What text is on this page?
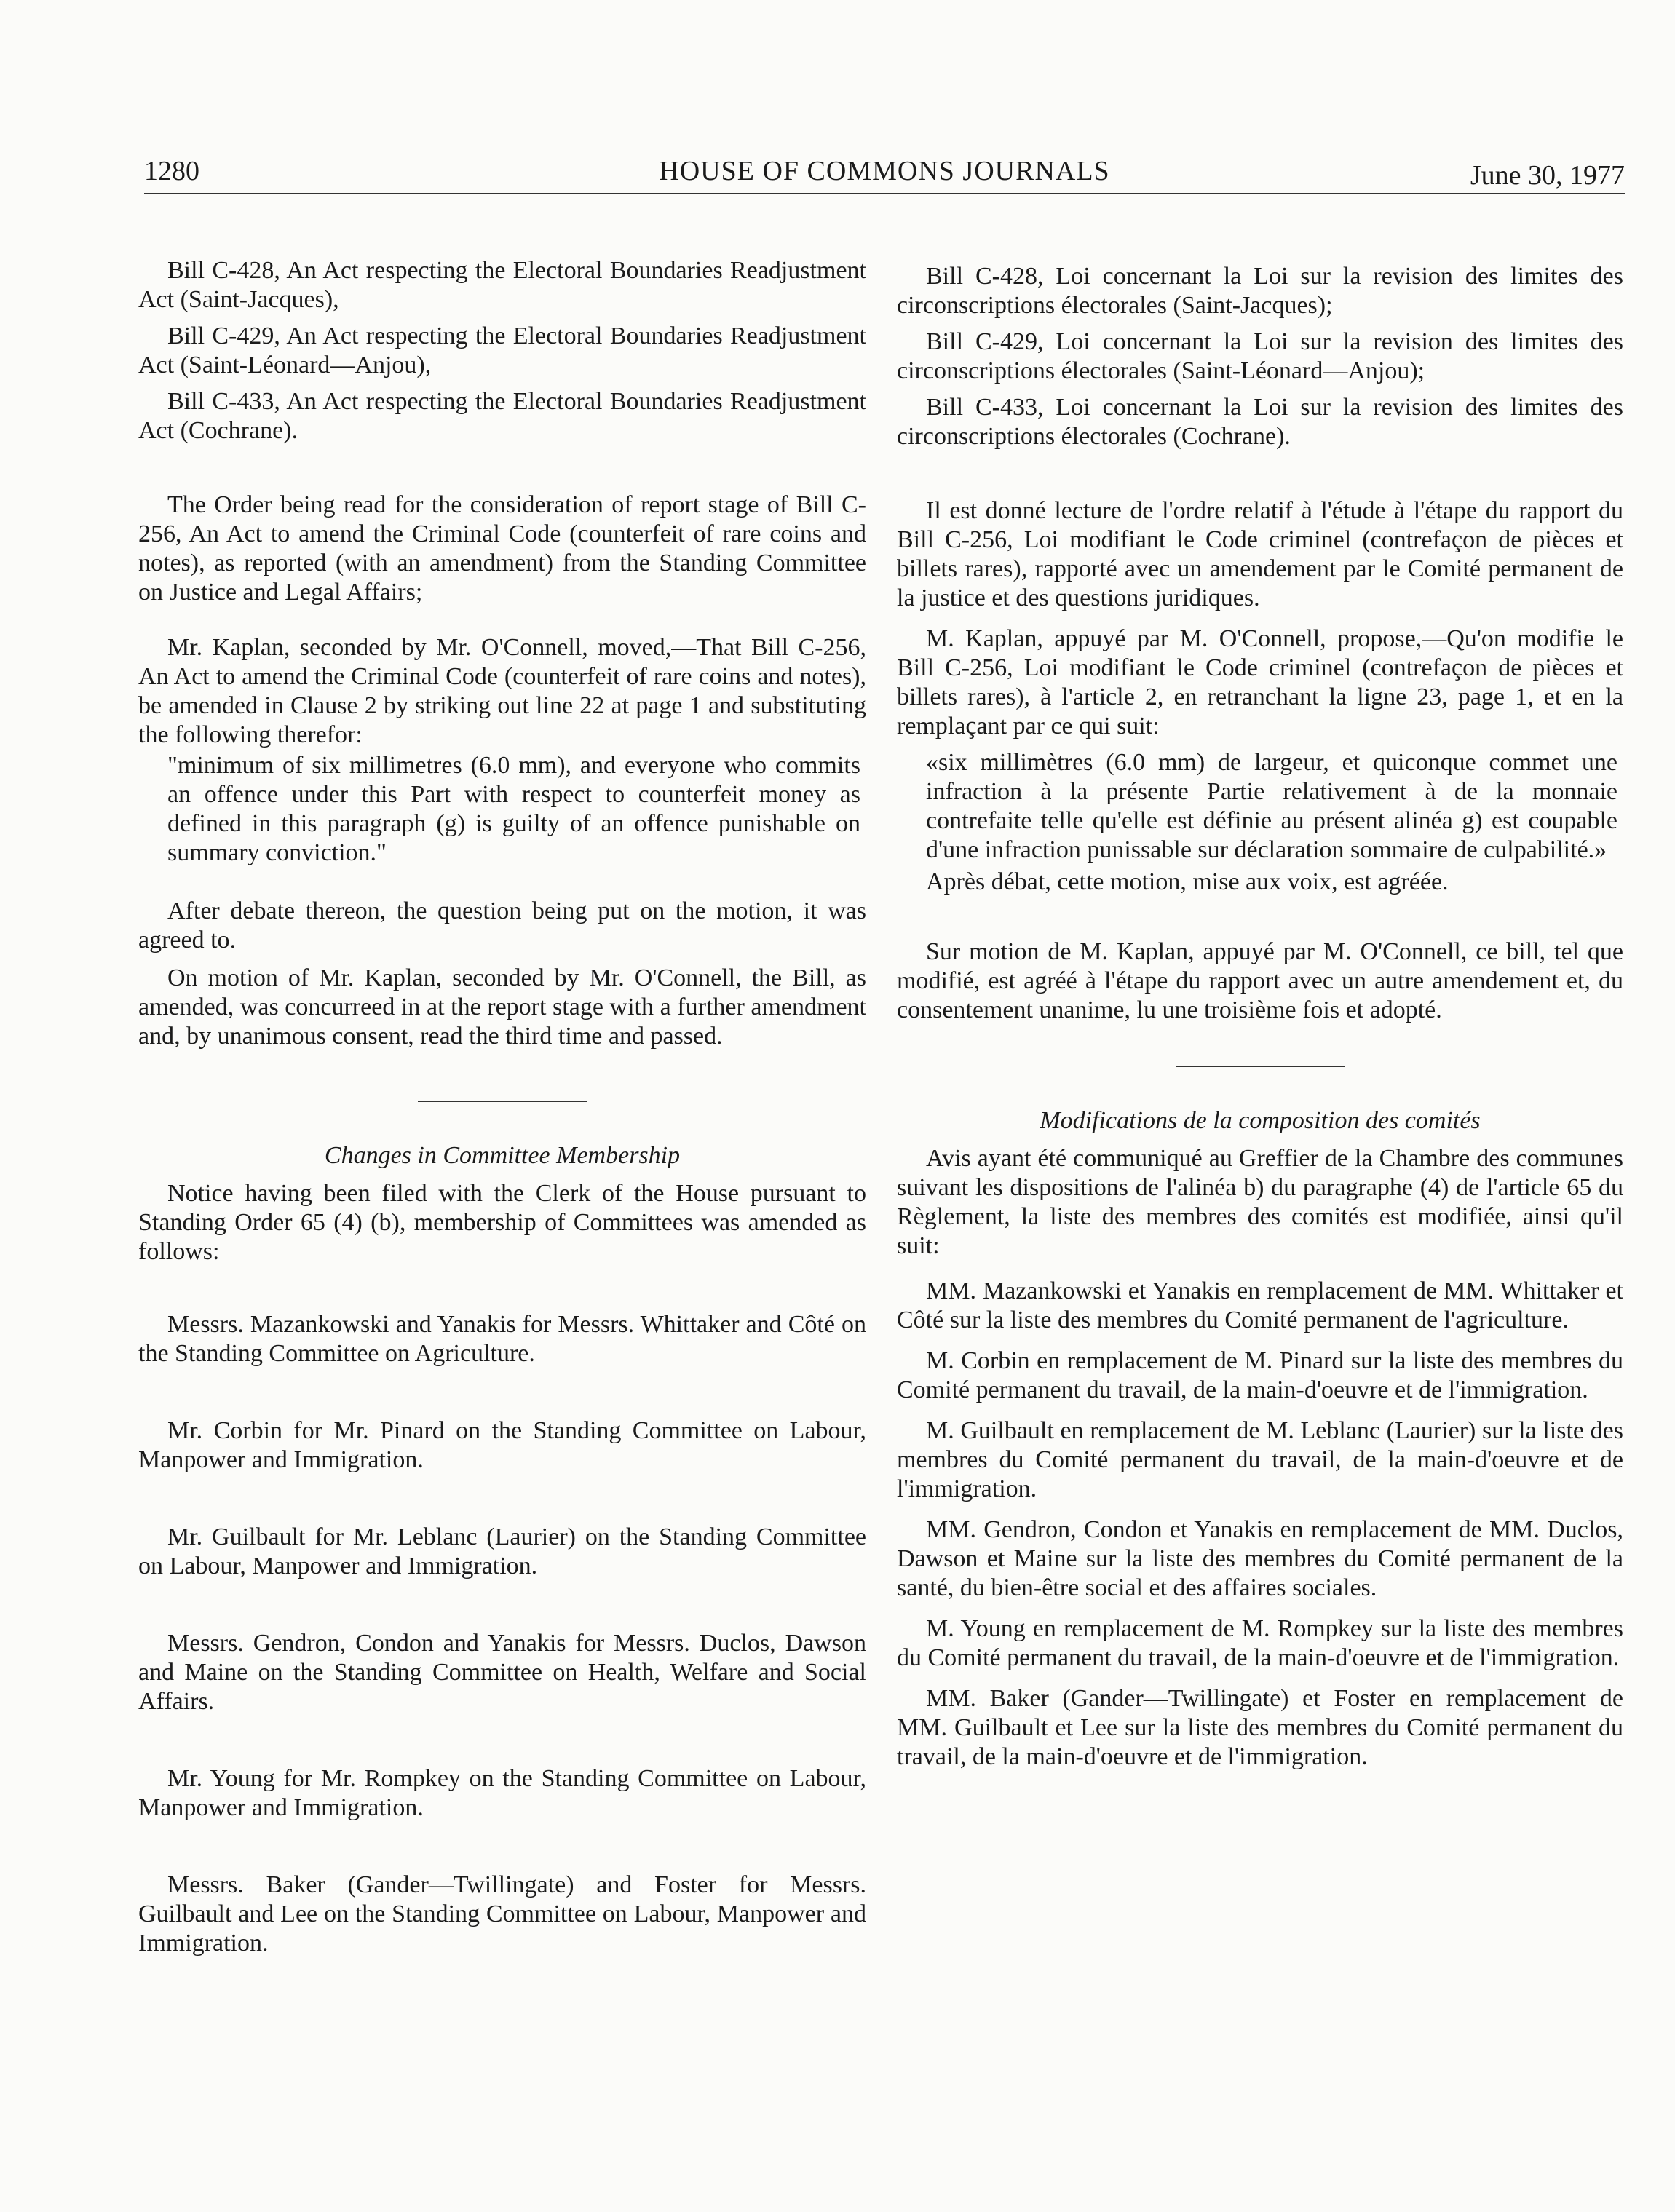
1280	HOUSE OF COMMONS JOURNALS	June 30, 1977

Bill C-428, An Act respecting the Electoral Boundaries Readjustment Act (Saint-Jacques),

Bill C-429, An Act respecting the Electoral Boundaries Readjustment Act (Saint-Léonard—Anjou),

Bill C-433, An Act respecting the Electoral Boundaries Readjustment Act (Cochrane).

The Order being read for the consideration of report stage of Bill C-256, An Act to amend the Criminal Code (counterfeit of rare coins and notes), as reported (with an amendment) from the Standing Committee on Justice and Legal Affairs;

Mr. Kaplan, seconded by Mr. O'Connell, moved,—That Bill C-256, An Act to amend the Criminal Code (counterfeit of rare coins and notes), be amended in Clause 2 by striking out line 22 at page 1 and substituting the following therefor:

"minimum of six millimetres (6.0 mm), and everyone who commits an offence under this Part with respect to counterfeit money as defined in this paragraph (g) is guilty of an offence punishable on summary conviction."

After debate thereon, the question being put on the motion, it was agreed to.

On motion of Mr. Kaplan, seconded by Mr. O'Connell, the Bill, as amended, was concurreed in at the report stage with a further amendment and, by unanimous consent, read the third time and passed.

Changes in Committee Membership

Notice having been filed with the Clerk of the House pursuant to Standing Order 65 (4) (b), membership of Committees was amended as follows:

Messrs. Mazankowski and Yanakis for Messrs. Whittaker and Côté on the Standing Committee on Agriculture.

Mr. Corbin for Mr. Pinard on the Standing Committee on Labour, Manpower and Immigration.

Mr. Guilbault for Mr. Leblanc (Laurier) on the Standing Committee on Labour, Manpower and Immigration.

Messrs. Gendron, Condon and Yanakis for Messrs. Duclos, Dawson and Maine on the Standing Committee on Health, Welfare and Social Affairs.

Mr. Young for Mr. Rompkey on the Standing Committee on Labour, Manpower and Immigration.

Messrs. Baker (Gander—Twillingate) and Foster for Messrs. Guilbault and Lee on the Standing Committee on Labour, Manpower and Immigration.

Bill C-428, Loi concernant la Loi sur la revision des limites des circonscriptions électorales (Saint-Jacques);

Bill C-429, Loi concernant la Loi sur la revision des limites des circonscriptions électorales (Saint-Léonard—Anjou);

Bill C-433, Loi concernant la Loi sur la revision des limites des circonscriptions électorales (Cochrane).

Il est donné lecture de l'ordre relatif à l'étude à l'étape du rapport du Bill C-256, Loi modifiant le Code criminel (contrefaçon de pièces et billets rares), rapporté avec un amendement par le Comité permanent de la justice et des questions juridiques.

M. Kaplan, appuyé par M. O'Connell, propose,—Qu'on modifie le Bill C-256, Loi modifiant le Code criminel (contrefaçon de pièces et billets rares), à l'article 2, en retranchant la ligne 23, page 1, et en la remplaçant par ce qui suit:

«six millimètres (6.0 mm) de largeur, et quiconque commet une infraction à la présente Partie relativement à de la monnaie contrefaite telle qu'elle est définie au présent alinéa g) est coupable d'une infraction punissable sur déclaration sommaire de culpabilité.»

Après débat, cette motion, mise aux voix, est agréée.

Sur motion de M. Kaplan, appuyé par M. O'Connell, ce bill, tel que modifié, est agréé à l'étape du rapport avec un autre amendement et, du consentement unanime, lu une troisième fois et adopté.

Modifications de la composition des comités

Avis ayant été communiqué au Greffier de la Chambre des communes suivant les dispositions de l'alinéa b) du paragraphe (4) de l'article 65 du Règlement, la liste des membres des comités est modifiée, ainsi qu'il suit:

MM. Mazankowski et Yanakis en remplacement de MM. Whittaker et Côté sur la liste des membres du Comité permanent de l'agriculture.

M. Corbin en remplacement de M. Pinard sur la liste des membres du Comité permanent du travail, de la main-d'oeuvre et de l'immigration.

M. Guilbault en remplacement de M. Leblanc (Laurier) sur la liste des membres du Comité permanent du travail, de la main-d'oeuvre et de l'immigration.

MM. Gendron, Condon et Yanakis en remplacement de MM. Duclos, Dawson et Maine sur la liste des membres du Comité permanent de la santé, du bien-être social et des affaires sociales.

M. Young en remplacement de M. Rompkey sur la liste des membres du Comité permanent du travail, de la main-d'oeuvre et de l'immigration.

MM. Baker (Gander—Twillingate) et Foster en remplacement de MM. Guilbault et Lee sur la liste des membres du Comité permanent du travail, de la main-d'oeuvre et de l'immigration.
